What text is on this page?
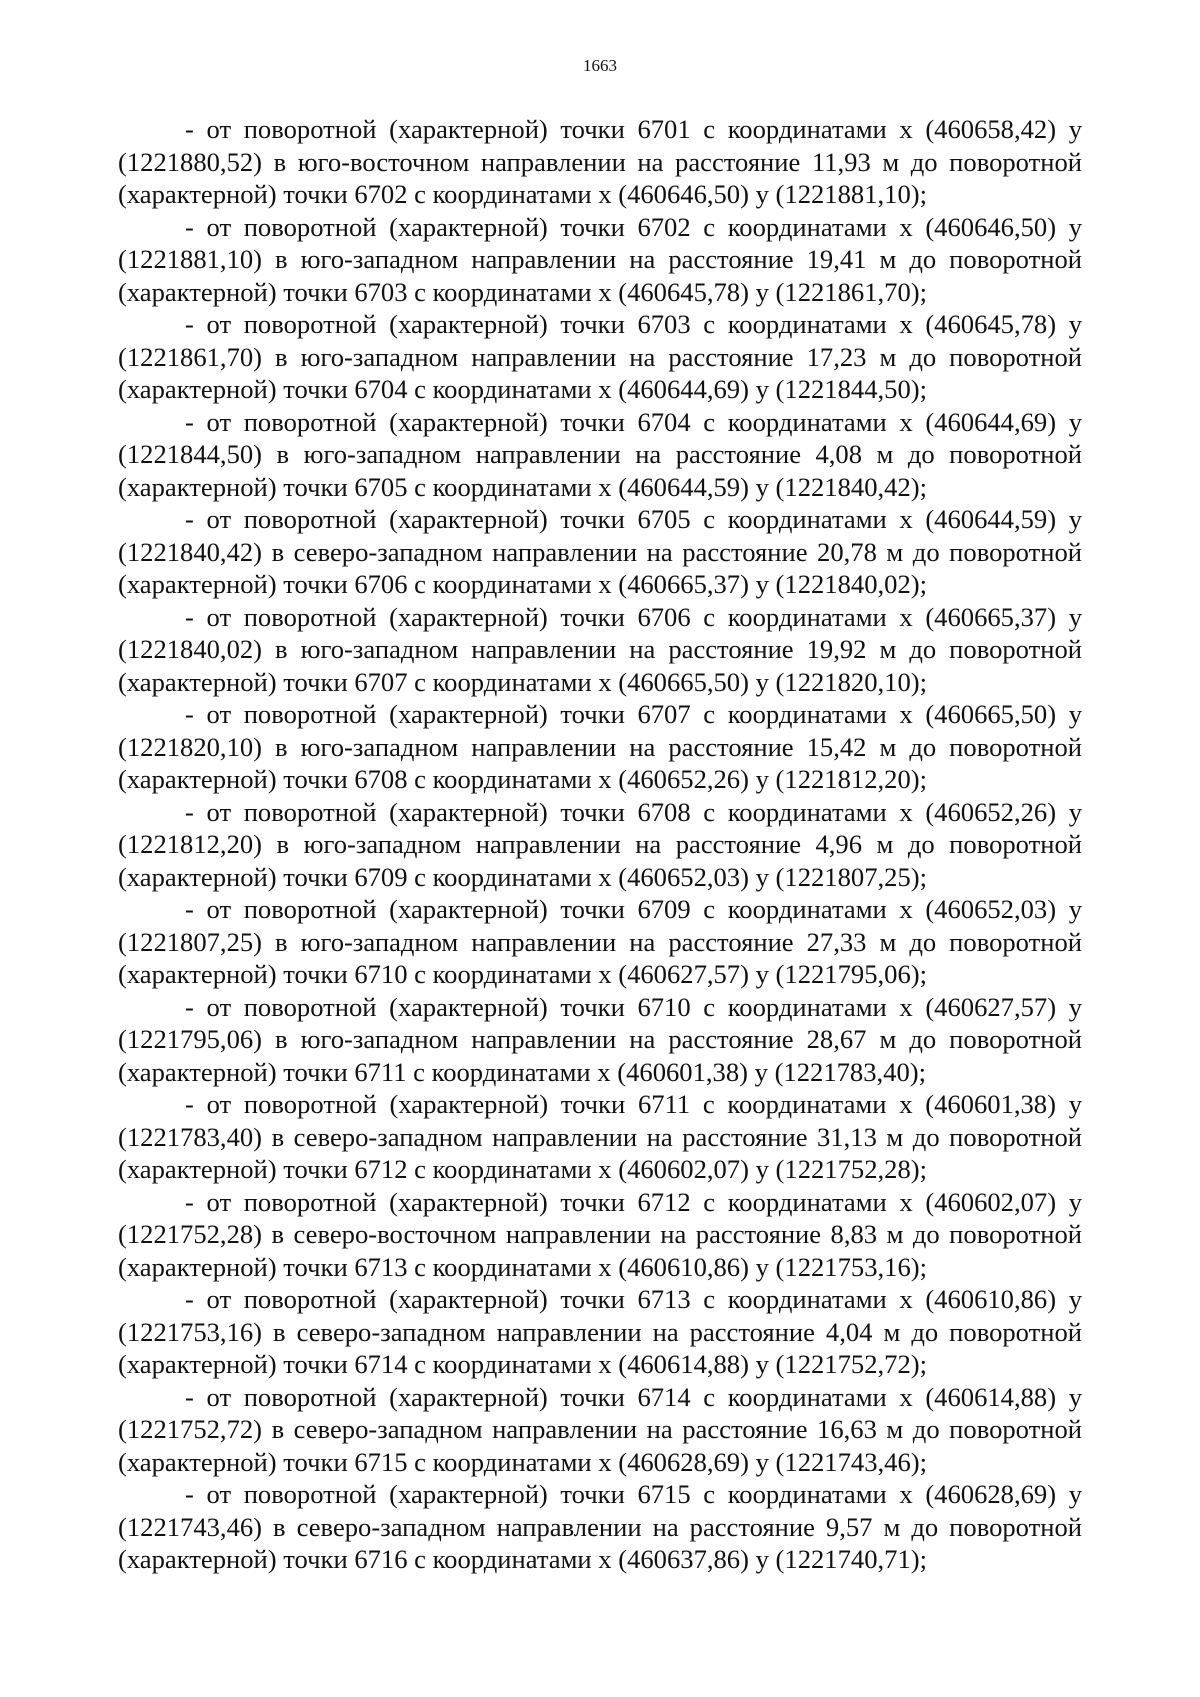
1663

- от поворотной (характерной) точки 6701 с координатами х (460658,42) у (1221880,52) в юго-восточном направлении на расстояние 11,93 м до поворотной (характерной) точки 6702 с координатами х (460646,50) у (1221881,10);

- от поворотной (характерной) точки 6702 с координатами х (460646,50) у (1221881,10) в юго-западном направлении на расстояние 19,41 м до поворотной (характерной) точки 6703 с координатами х (460645,78) у (1221861,70);

- от поворотной (характерной) точки 6703 с координатами х (460645,78) у (1221861,70) в юго-западном направлении на расстояние 17,23 м до поворотной (характерной) точки 6704 с координатами х (460644,69) у (1221844,50);

- от поворотной (характерной) точки 6704 с координатами х (460644,69) у (1221844,50) в юго-западном направлении на расстояние 4,08 м до поворотной (характерной) точки 6705 с координатами х (460644,59) у (1221840,42);

- от поворотной (характерной) точки 6705 с координатами х (460644,59) у (1221840,42) в северо-западном направлении на расстояние 20,78 м до поворотной (характерной) точки 6706 с координатами х (460665,37) у (1221840,02);

- от поворотной (характерной) точки 6706 с координатами х (460665,37) у (1221840,02) в юго-западном направлении на расстояние 19,92 м до поворотной (характерной) точки 6707 с координатами х (460665,50) у (1221820,10);

- от поворотной (характерной) точки 6707 с координатами х (460665,50) у (1221820,10) в юго-западном направлении на расстояние 15,42 м до поворотной (характерной) точки 6708 с координатами х (460652,26) у (1221812,20);

- от поворотной (характерной) точки 6708 с координатами х (460652,26) у (1221812,20) в юго-западном направлении на расстояние 4,96 м до поворотной (характерной) точки 6709 с координатами х (460652,03) у (1221807,25);

- от поворотной (характерной) точки 6709 с координатами х (460652,03) у (1221807,25) в юго-западном направлении на расстояние 27,33 м до поворотной (характерной) точки 6710 с координатами х (460627,57) у (1221795,06);

- от поворотной (характерной) точки 6710 с координатами х (460627,57) у (1221795,06) в юго-западном направлении на расстояние 28,67 м до поворотной (характерной) точки 6711 с координатами х (460601,38) у (1221783,40);

- от поворотной (характерной) точки 6711 с координатами х (460601,38) у (1221783,40) в северо-западном направлении на расстояние 31,13 м до поворотной (характерной) точки 6712 с координатами х (460602,07) у (1221752,28);

- от поворотной (характерной) точки 6712 с координатами х (460602,07) у (1221752,28) в северо-восточном направлении на расстояние 8,83 м до поворотной (характерной) точки 6713 с координатами х (460610,86) у (1221753,16);

- от поворотной (характерной) точки 6713 с координатами х (460610,86) у (1221753,16) в северо-западном направлении на расстояние 4,04 м до поворотной (характерной) точки 6714 с координатами х (460614,88) у (1221752,72);

- от поворотной (характерной) точки 6714 с координатами х (460614,88) у (1221752,72) в северо-западном направлении на расстояние 16,63 м до поворотной (характерной) точки 6715 с координатами х (460628,69) у (1221743,46);

- от поворотной (характерной) точки 6715 с координатами х (460628,69) у (1221743,46) в северо-западном направлении на расстояние 9,57 м до поворотной (характерной) точки 6716 с координатами х (460637,86) у (1221740,71);
